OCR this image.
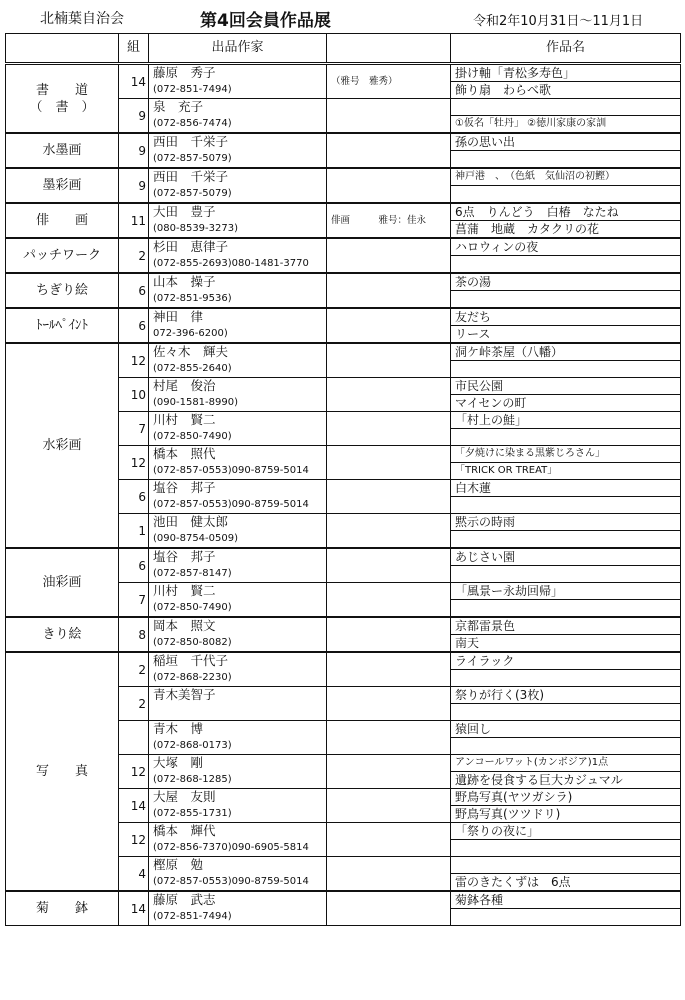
北楠葉自治会	第4回会員作品展	令和2年10月31日～11月1日
	組	出品作家		作品名
書　　道
（　書　）	14	藤原　秀子	（雅号　雅秀）	掛け軸「青松多寿色」
		(072-851-7494)		飾り扇　わらべ歌
	9	泉　充子		
		(072-856-7474)		①仮名「牡丹」 ②徳川家康の家訓
水墨画	9	西田　千栄子		孫の思い出
		(072-857-5079)		
墨彩画	9	西田　千栄子		神戸港　、　（色紙　気仙沼の初鰹）
		(072-857-5079)		
俳　　画	11	大田　豊子	俳画　　　雅号：佳永	6点　りんどう　白椿　なたね
		(080-8539-3273)		菖蒲　地蔵　カタクリの花
パッチワーク	2	杉田　恵律子		ハロウィンの夜
		(072-855-2693)080-1481-3770		
ちぎり絵	6	山本　操子		茶の湯
		(072-851-9536)		
ﾄｰﾙﾍﾟｲﾝﾄ	6	神田　律		友だち
		072-396-6200)		リース
水彩画	12	佐々木　輝夫		洞ケ峠茶屋（八幡）
		(072-855-2640)		
	10	村尾　俊治		市民公園
		(090-1581-8990)		マイセンの町
	7	川村　賢二		「村上の鮭」
		(072-850-7490)		
	12	橋本　照代		「夕焼けに染まる黒紫じろさん」
		(072-857-0553)090-8759-5014		「TRICK OR TREAT」
	6	塩谷　邦子		白木蓮
		(072-857-0553)090-8759-5014		
	1	池田　健太郎		黙示の時雨
		(090-8754-0509)		
油彩画	6	塩谷　邦子		あじさい園
		(072-857-8147)		
	7	川村　賢二		「風景ー永劫回帰」
		(072-850-7490)		
きり絵	8	岡本　照文		京都雷景色
		(072-850-8082)		南天
写　　真	2	稲垣　千代子		ライラック
		(072-868-2230)		
	2	青木美智子		祭りが行く(3枚)

		青木　博		猿回し
		(072-868-0173)		
	12	大塚　剛		アンコールワット(カンボジア)1点
		(072-868-1285)		遺跡を侵食する巨大カジュマル
	14	大屋　友則		野鳥写真(ヤツガシラ)
		(072-855-1731)		野鳥写真(ツツドリ)
	12	橋本　輝代		「祭りの夜に」
		(072-856-7370)090-6905-5814		
	4	樫原　勉		
		(072-857-0553)090-8759-5014		雷のきたくずは　6点
菊　　鉢	14	藤原　武志		菊鉢各種
		(072-851-7494)		
